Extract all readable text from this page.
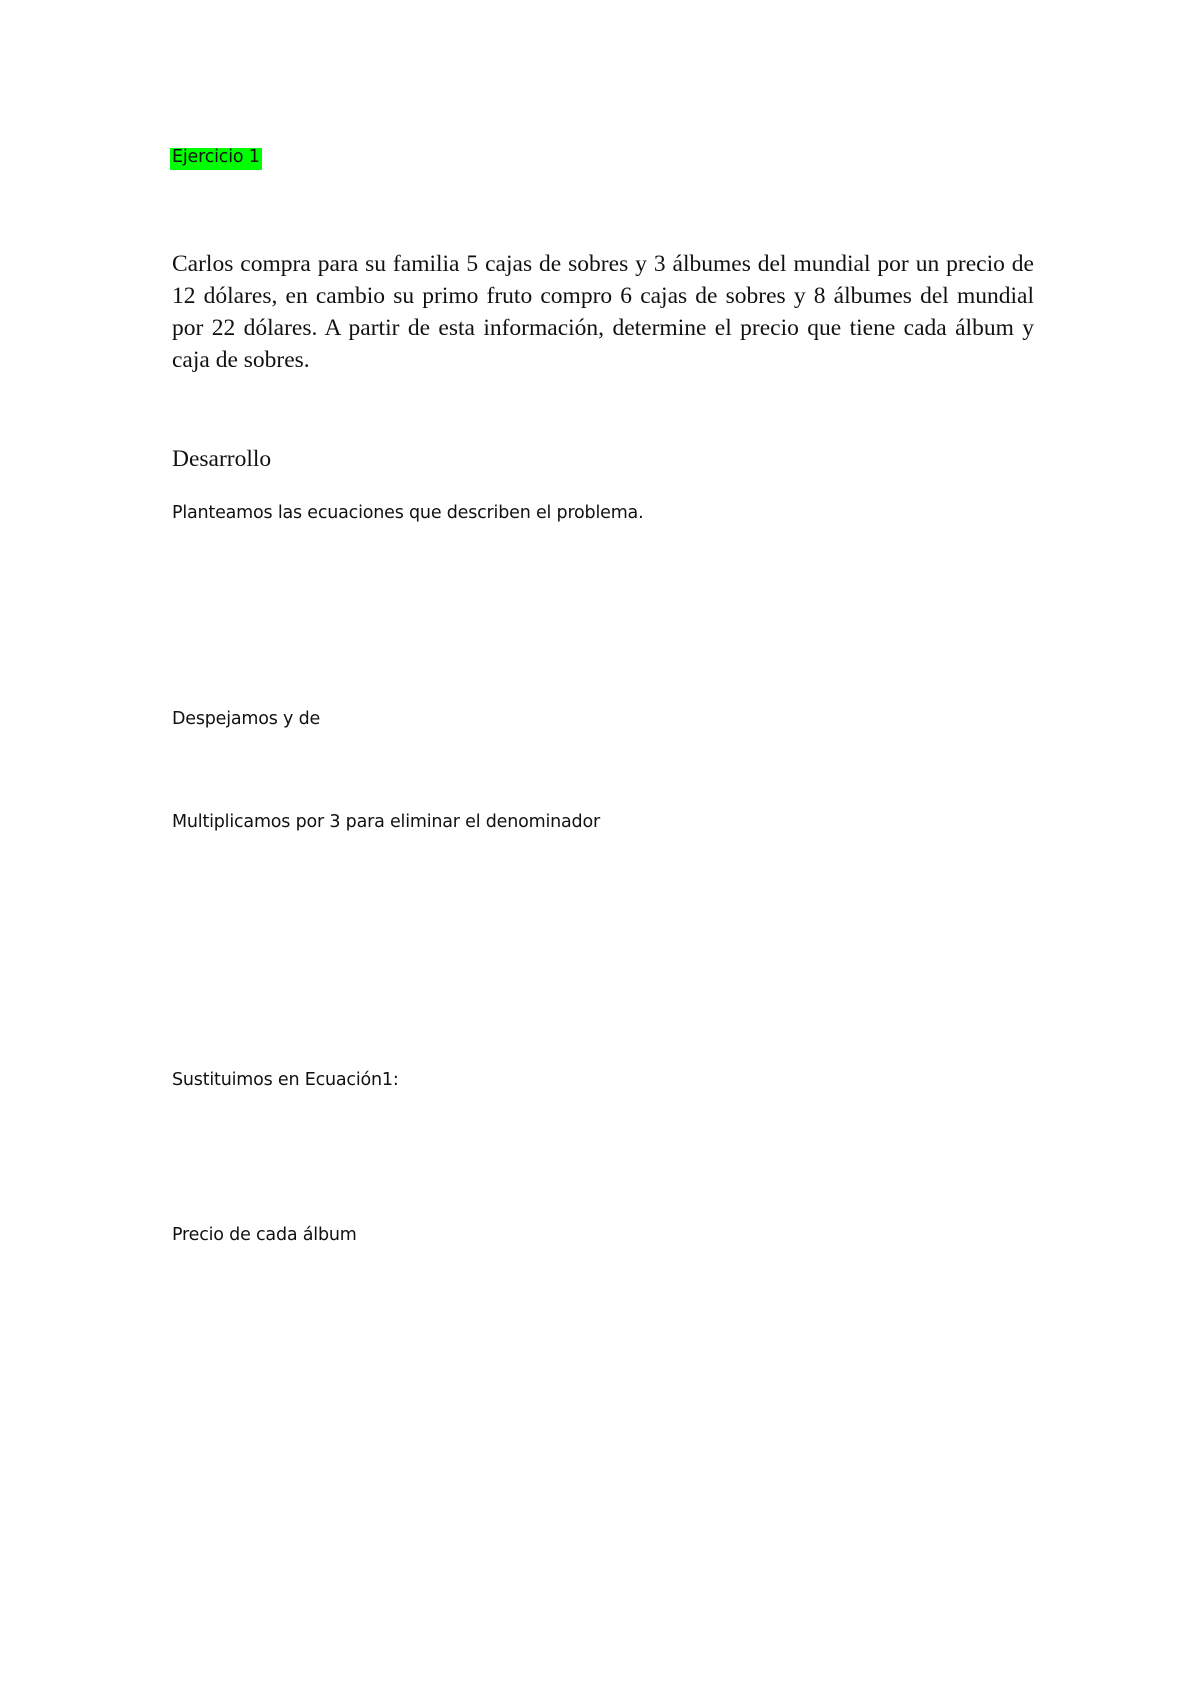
Ejercicio 1
Carlos compra para su familia 5 cajas de sobres y 3 álbumes del mundial por un precio de 12 dólares, en cambio su primo fruto compro 6 cajas de sobres y 8 álbumes del mundial por 22 dólares. A partir de esta información, determine el precio que tiene cada álbum y caja de sobres.
Desarrollo
Planteamos las ecuaciones que describen el problema.
Despejamos y de
Multiplicamos por 3 para eliminar el denominador
Sustituimos en Ecuación1:
Precio de cada álbum
